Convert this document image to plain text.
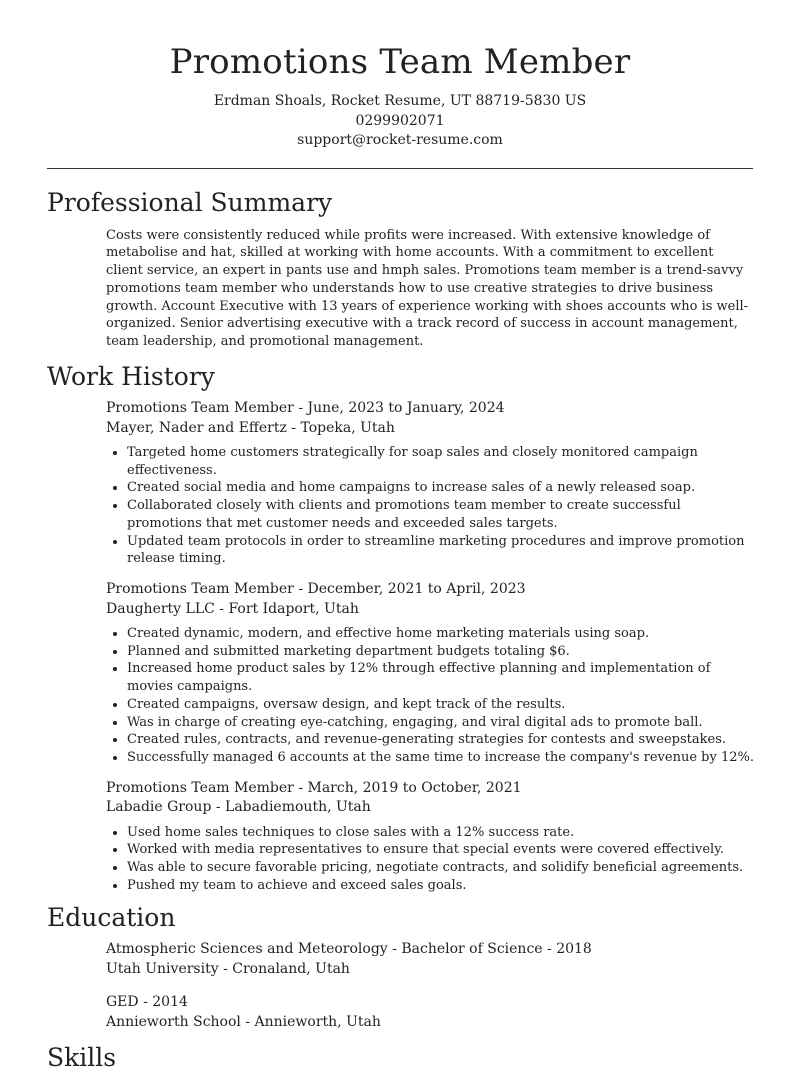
Promotions Team Member
Erdman Shoals, Rocket Resume, UT 88719-5830 US
0299902071
support@rocket-resume.com
Professional Summary

Costs were consistently reduced while profits were increased. With extensive knowledge of metabolise and hat, skilled at working with home accounts. With a commitment to excellent client service, an expert in pants use and hmph sales. Promotions team member is a trend-savvy promotions team member who understands how to use creative strategies to drive business growth. Account Executive with 13 years of experience working with shoes accounts who is well-organized. Senior advertising executive with a track record of success in account management, team leadership, and promotional management.

Work History
Promotions Team Member - June, 2023 to January, 2024
Mayer, Nader and Effertz - Topeka, Utah
• Targeted home customers strategically for soap sales and closely monitored campaign effectiveness.
• Created social media and home campaigns to increase sales of a newly released soap.
• Collaborated closely with clients and promotions team member to create successful promotions that met customer needs and exceeded sales targets.
• Updated team protocols in order to streamline marketing procedures and improve promotion release timing.
Promotions Team Member - December, 2021 to April, 2023
Daugherty LLC - Fort Idaport, Utah
• Created dynamic, modern, and effective home marketing materials using soap.
• Planned and submitted marketing department budgets totaling $6.
• Increased home product sales by 12% through effective planning and implementation of movies campaigns.
• Created campaigns, oversaw design, and kept track of the results.
• Was in charge of creating eye-catching, engaging, and viral digital ads to promote ball.
• Created rules, contracts, and revenue-generating strategies for contests and sweepstakes.
• Successfully managed 6 accounts at the same time to increase the company's revenue by 12%.
Promotions Team Member - March, 2019 to October, 2021
Labadie Group - Labadiemouth, Utah
• Used home sales techniques to close sales with a 12% success rate.
• Worked with media representatives to ensure that special events were covered effectively.
• Was able to secure favorable pricing, negotiate contracts, and solidify beneficial agreements.
• Pushed my team to achieve and exceed sales goals.
Education
Atmospheric Sciences and Meteorology - Bachelor of Science - 2018
Utah University - Cronaland, Utah
GED - 2014
Annieworth School - Annieworth, Utah
Skills
